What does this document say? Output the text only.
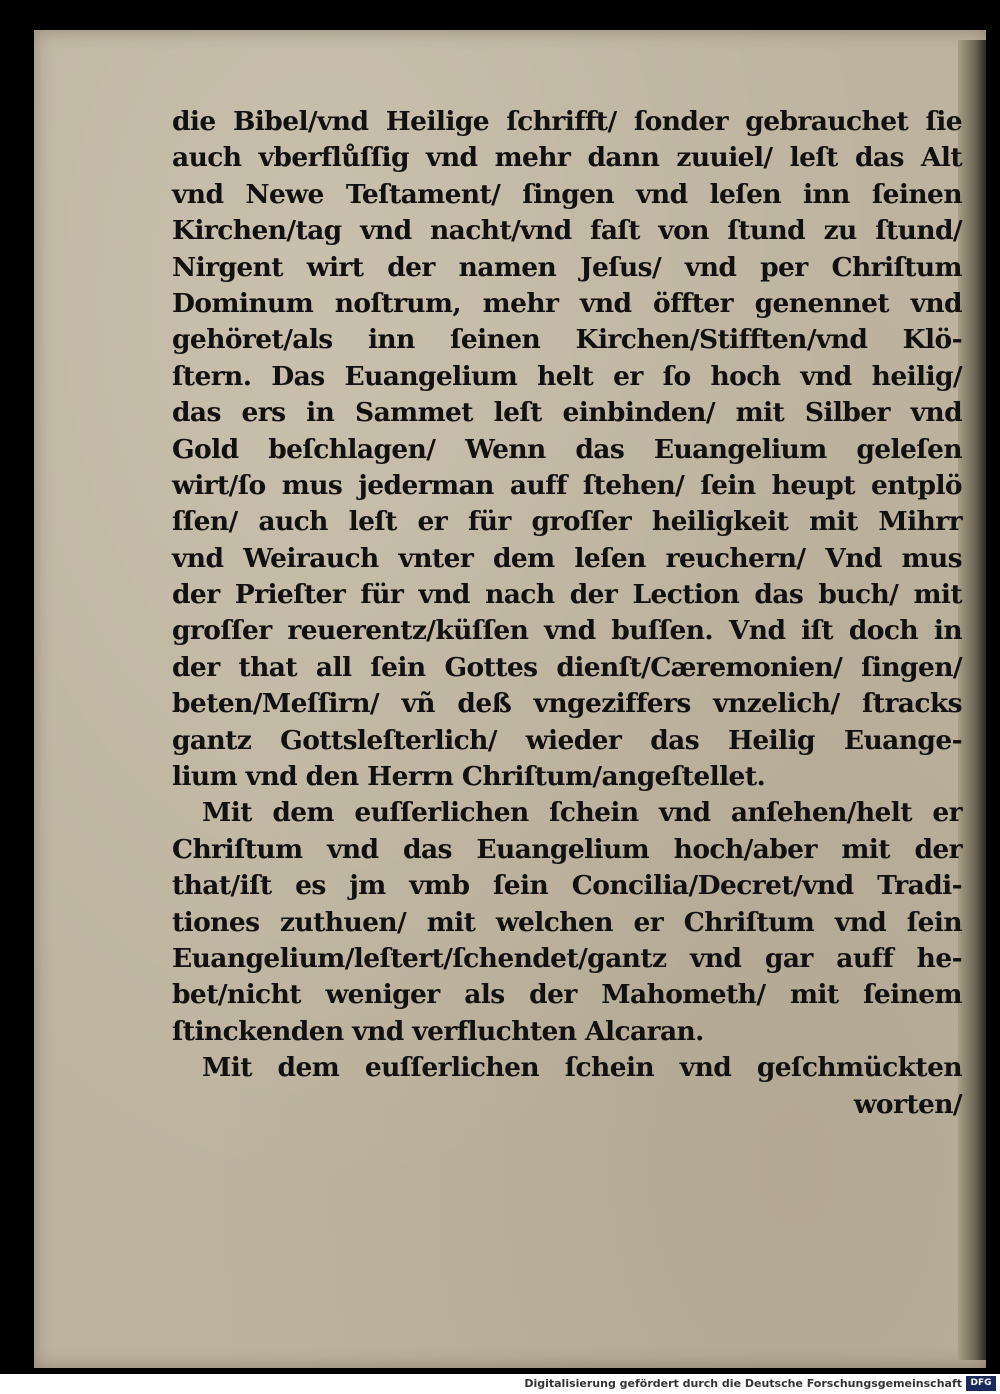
die Bibel/vnd Heilige ſchrifft/ ſonder gebrauchet ſie
auch vberflůſſig vnd mehr dann zuuiel/ leſt das Alt
vnd Newe Teſtament/ ſingen vnd leſen inn ſeinen
Kirchen/tag vnd nacht/vnd faſt von ſtund zu ſtund/
Nirgent wirt der namen Jeſus/ vnd per Chriſtum
Dominum noſtrum, mehr vnd öffter genennet vnd
gehöret/als inn ſeinen Kirchen/Stifften/vnd Klö-
ſtern. Das Euangelium helt er ſo hoch vnd heilig/
das ers in Sammet leſt einbinden/ mit Silber vnd
Gold beſchlagen/ Wenn das Euangelium geleſen
wirt/ſo mus jederman auff ſtehen/ ſein heupt entplö
ſſen/ auch leſt er für groſſer heiligkeit mit Mihrr
vnd Weirauch vnter dem leſen reuchern/ Vnd mus
der Prieſter für vnd nach der Lection das buch/ mit
groſſer reuerentz/küſſen vnd buſſen. Vnd iſt doch in
der that all ſein Gottes dienſt/Cæremonien/ ſingen/
beten/Meſſirn/ vñ deß vngeziffers vnzelich/ ſtracks
gantz Gottsleſterlich/ wieder das Heilig Euange-
lium vnd den Herrn Chriſtum/angeſtellet.
Mit dem euſſerlichen ſchein vnd anſehen/helt er
Chriſtum vnd das Euangelium hoch/aber mit der
that/iſt es jm vmb ſein Concilia/Decret/vnd Tradi-
tiones zuthuen/ mit welchen er Chriſtum vnd ſein
Euangelium/leſtert/ſchendet/gantz vnd gar auff he-
bet/nicht weniger als der Mahometh/ mit ſeinem
ſtinckenden vnd verfluchten Alcaran.
Mit dem euſſerlichen ſchein vnd geſchmückten
worten/
Digitalisierung gefördert durch die Deutsche Forschungsgemeinschaft DFG
